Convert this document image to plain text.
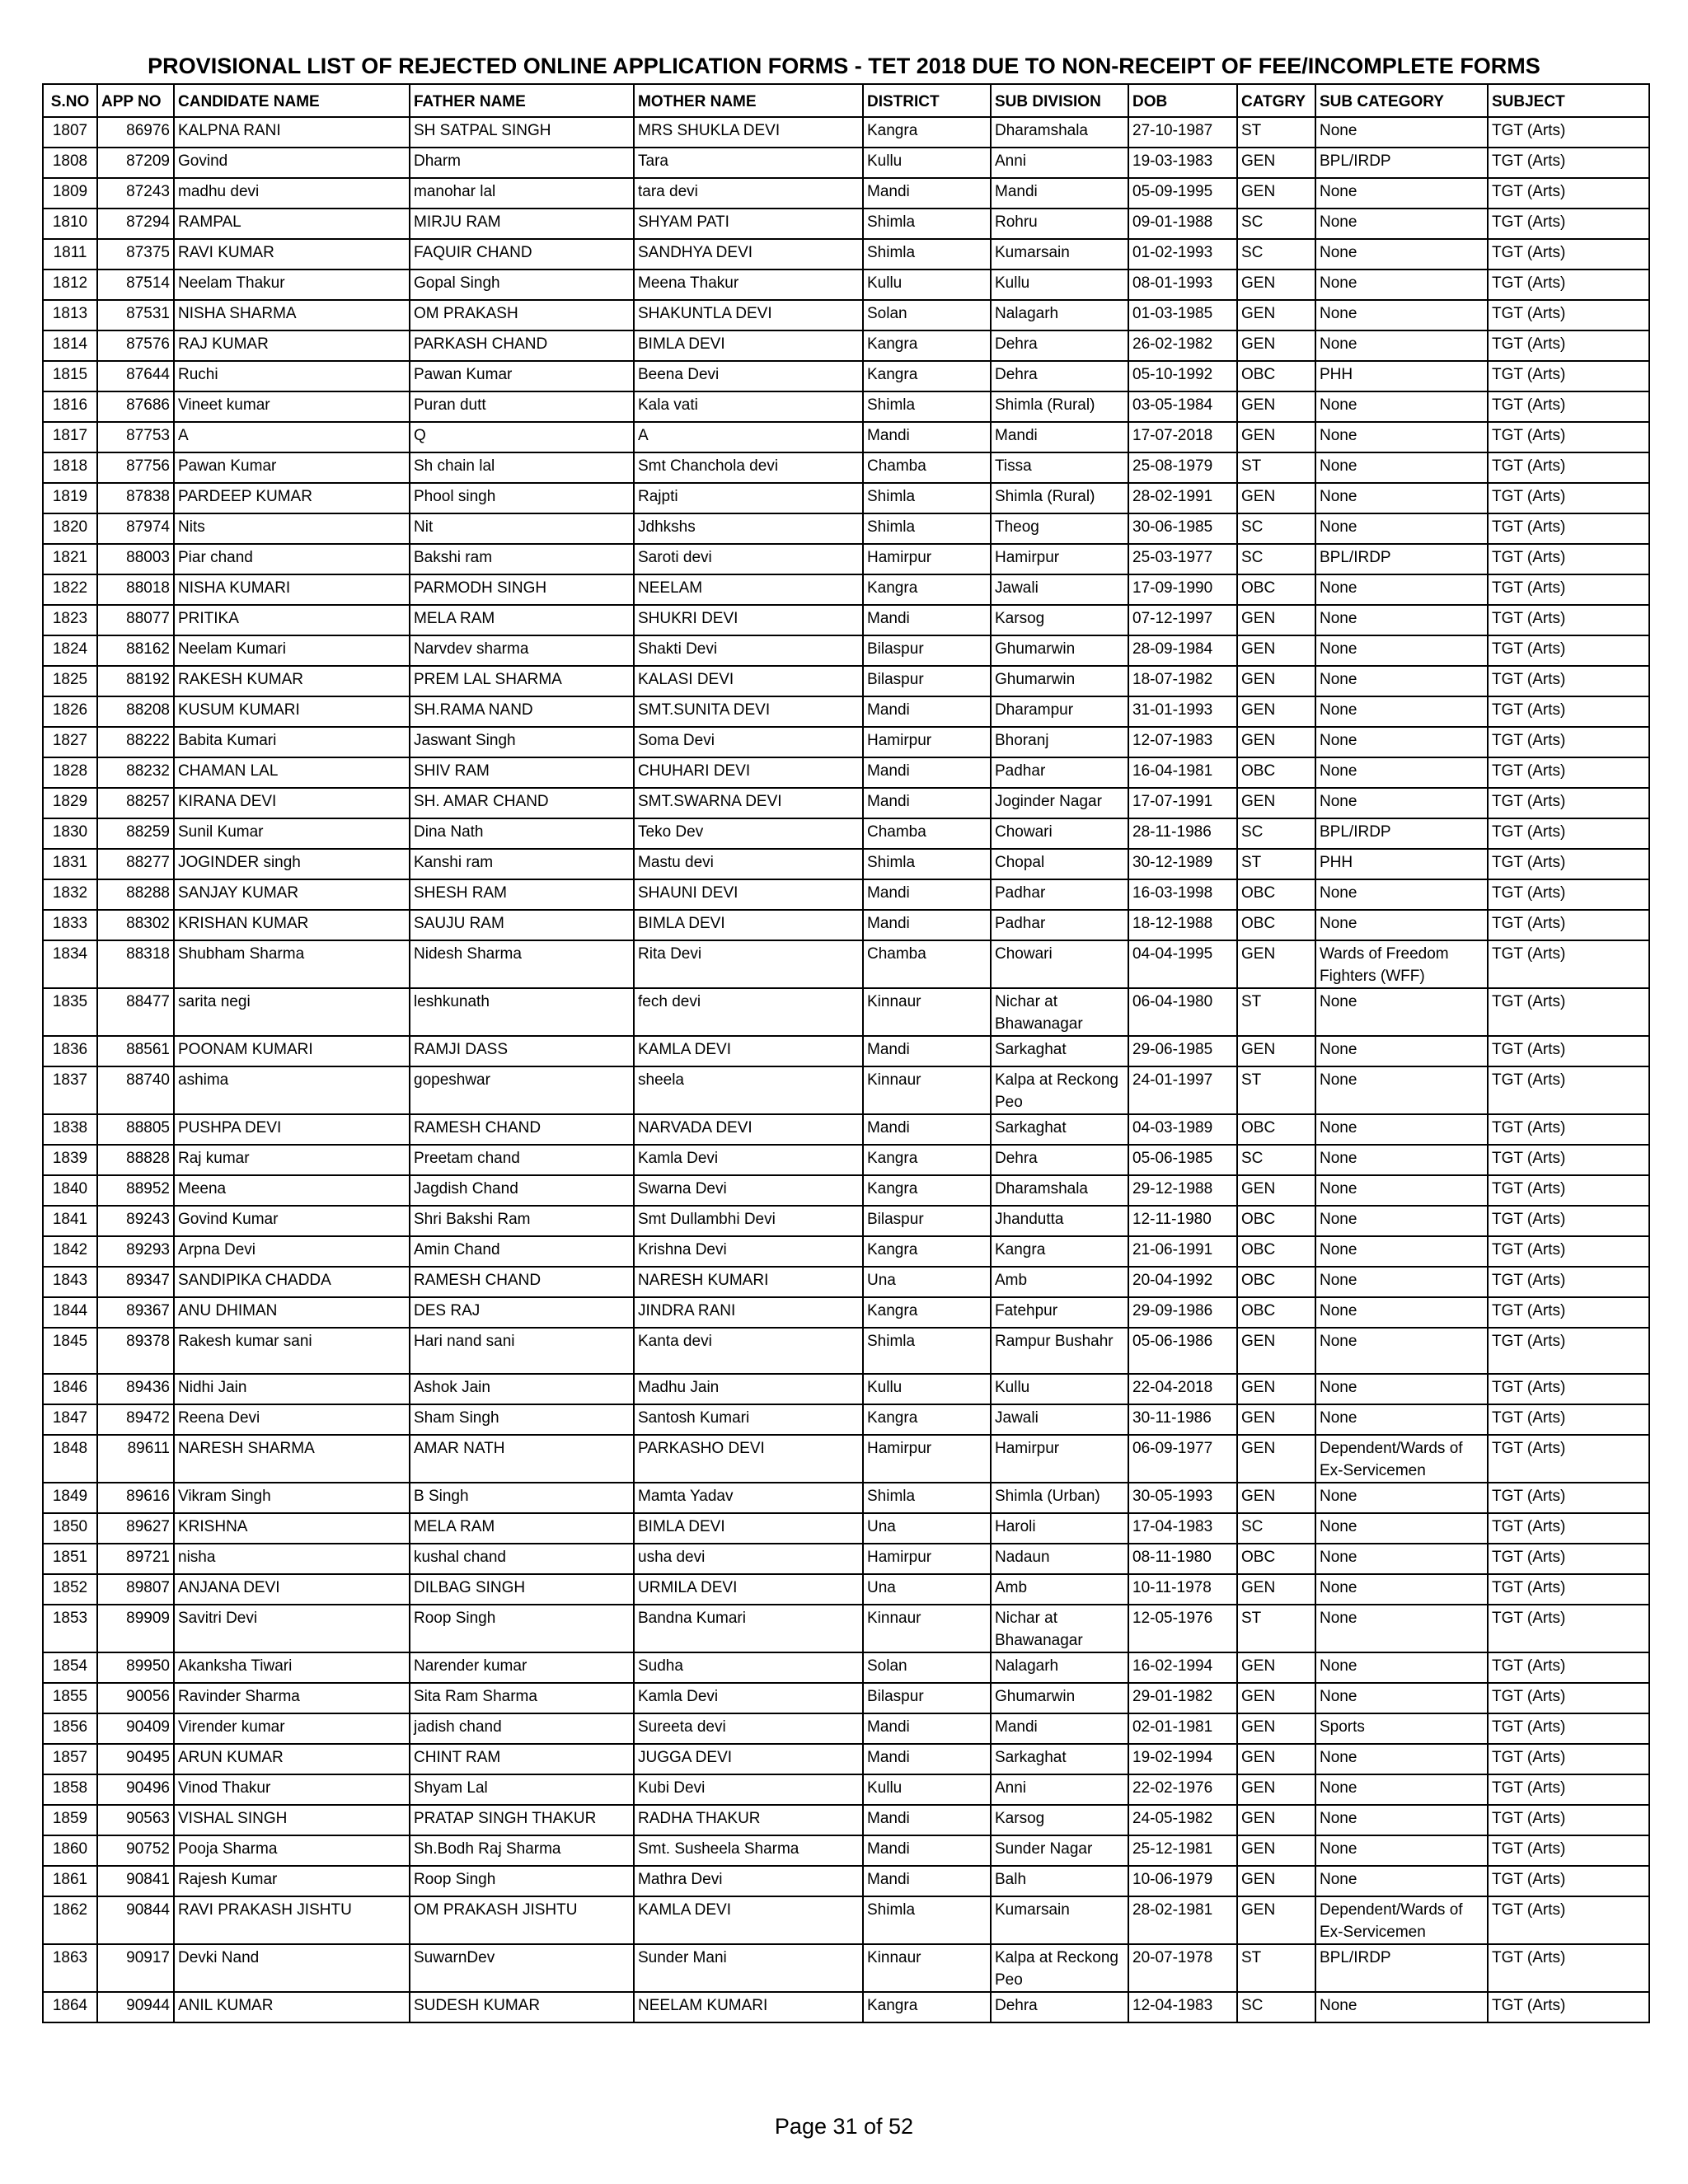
PROVISIONAL LIST OF REJECTED ONLINE APPLICATION FORMS - TET 2018 DUE TO NON-RECEIPT OF FEE/INCOMPLETE FORMS
S.NO	APP NO	CANDIDATE NAME	FATHER NAME	MOTHER NAME	DISTRICT	SUB DIVISION	DOB	CATGRY	SUB CATEGORY	SUBJECT
1807	86976	KALPNA RANI	SH SATPAL SINGH	MRS SHUKLA DEVI	Kangra	Dharamshala	27-10-1987	ST	None	TGT (Arts)
1808	87209	Govind	Dharm	Tara	Kullu	Anni	19-03-1983	GEN	BPL/IRDP	TGT (Arts)
1809	87243	madhu devi	manohar lal	tara devi	Mandi	Mandi	05-09-1995	GEN	None	TGT (Arts)
1810	87294	RAMPAL	MIRJU RAM	SHYAM PATI	Shimla	Rohru	09-01-1988	SC	None	TGT (Arts)
1811	87375	RAVI KUMAR	FAQUIR CHAND	SANDHYA DEVI	Shimla	Kumarsain	01-02-1993	SC	None	TGT (Arts)
1812	87514	Neelam Thakur	Gopal Singh	Meena Thakur	Kullu	Kullu	08-01-1993	GEN	None	TGT (Arts)
1813	87531	NISHA SHARMA	OM PRAKASH	SHAKUNTLA DEVI	Solan	Nalagarh	01-03-1985	GEN	None	TGT (Arts)
1814	87576	RAJ KUMAR	PARKASH CHAND	BIMLA DEVI	Kangra	Dehra	26-02-1982	GEN	None	TGT (Arts)
1815	87644	Ruchi	Pawan Kumar	Beena Devi	Kangra	Dehra	05-10-1992	OBC	PHH	TGT (Arts)
1816	87686	Vineet kumar	Puran dutt	Kala vati	Shimla	Shimla (Rural)	03-05-1984	GEN	None	TGT (Arts)
1817	87753	A	Q	A	Mandi	Mandi	17-07-2018	GEN	None	TGT (Arts)
1818	87756	Pawan Kumar	Sh chain lal	Smt Chanchola devi	Chamba	Tissa	25-08-1979	ST	None	TGT (Arts)
1819	87838	PARDEEP KUMAR	Phool singh	Rajpti	Shimla	Shimla (Rural)	28-02-1991	GEN	None	TGT (Arts)
1820	87974	Nits	Nit	Jdhkshs	Shimla	Theog	30-06-1985	SC	None	TGT (Arts)
1821	88003	Piar chand	Bakshi ram	Saroti devi	Hamirpur	Hamirpur	25-03-1977	SC	BPL/IRDP	TGT (Arts)
1822	88018	NISHA KUMARI	PARMODH SINGH	NEELAM	Kangra	Jawali	17-09-1990	OBC	None	TGT (Arts)
1823	88077	PRITIKA	MELA RAM	SHUKRI DEVI	Mandi	Karsog	07-12-1997	GEN	None	TGT (Arts)
1824	88162	Neelam Kumari	Narvdev sharma	Shakti Devi	Bilaspur	Ghumarwin	28-09-1984	GEN	None	TGT (Arts)
1825	88192	RAKESH KUMAR	PREM LAL SHARMA	KALASI DEVI	Bilaspur	Ghumarwin	18-07-1982	GEN	None	TGT (Arts)
1826	88208	KUSUM KUMARI	SH.RAMA NAND	SMT.SUNITA DEVI	Mandi	Dharampur	31-01-1993	GEN	None	TGT (Arts)
1827	88222	Babita Kumari	Jaswant Singh	Soma Devi	Hamirpur	Bhoranj	12-07-1983	GEN	None	TGT (Arts)
1828	88232	CHAMAN LAL	SHIV RAM	CHUHARI DEVI	Mandi	Padhar	16-04-1981	OBC	None	TGT (Arts)
1829	88257	KIRANA DEVI	SH. AMAR CHAND	SMT.SWARNA DEVI	Mandi	Joginder Nagar	17-07-1991	GEN	None	TGT (Arts)
1830	88259	Sunil Kumar	Dina Nath	Teko Dev	Chamba	Chowari	28-11-1986	SC	BPL/IRDP	TGT (Arts)
1831	88277	JOGINDER singh	Kanshi ram	Mastu devi	Shimla	Chopal	30-12-1989	ST	PHH	TGT (Arts)
1832	88288	SANJAY KUMAR	SHESH RAM	SHAUNI DEVI	Mandi	Padhar	16-03-1998	OBC	None	TGT (Arts)
1833	88302	KRISHAN KUMAR	SAUJU RAM	BIMLA DEVI	Mandi	Padhar	18-12-1988	OBC	None	TGT (Arts)
1834	88318	Shubham Sharma	Nidesh Sharma	Rita Devi	Chamba	Chowari	04-04-1995	GEN	Wards of Freedom Fighters (WFF)	TGT (Arts)
1835	88477	sarita negi	leshkunath	fech devi	Kinnaur	Nichar at Bhawanagar	06-04-1980	ST	None	TGT (Arts)
1836	88561	POONAM KUMARI	RAMJI DASS	KAMLA DEVI	Mandi	Sarkaghat	29-06-1985	GEN	None	TGT (Arts)
1837	88740	ashima	gopeshwar	sheela	Kinnaur	Kalpa at Reckong Peo	24-01-1997	ST	None	TGT (Arts)
1838	88805	PUSHPA DEVI	RAMESH CHAND	NARVADA DEVI	Mandi	Sarkaghat	04-03-1989	OBC	None	TGT (Arts)
1839	88828	Raj kumar	Preetam chand	Kamla Devi	Kangra	Dehra	05-06-1985	SC	None	TGT (Arts)
1840	88952	Meena	Jagdish Chand	Swarna Devi	Kangra	Dharamshala	29-12-1988	GEN	None	TGT (Arts)
1841	89243	Govind Kumar	Shri Bakshi Ram	Smt Dullambhi Devi	Bilaspur	Jhandutta	12-11-1980	OBC	None	TGT (Arts)
1842	89293	Arpna Devi	Amin Chand	Krishna Devi	Kangra	Kangra	21-06-1991	OBC	None	TGT (Arts)
1843	89347	SANDIPIKA CHADDA	RAMESH CHAND	NARESH KUMARI	Una	Amb	20-04-1992	OBC	None	TGT (Arts)
1844	89367	ANU DHIMAN	DES RAJ	JINDRA RANI	Kangra	Fatehpur	29-09-1986	OBC	None	TGT (Arts)
1845	89378	Rakesh kumar sani	Hari nand sani	Kanta devi	Shimla	Rampur Bushahr	05-06-1986	GEN	None	TGT (Arts)
1846	89436	Nidhi Jain	Ashok Jain	Madhu Jain	Kullu	Kullu	22-04-2018	GEN	None	TGT (Arts)
1847	89472	Reena Devi	Sham Singh	Santosh Kumari	Kangra	Jawali	30-11-1986	GEN	None	TGT (Arts)
1848	89611	NARESH SHARMA	AMAR NATH	PARKASHO DEVI	Hamirpur	Hamirpur	06-09-1977	GEN	Dependent/Wards of Ex-Servicemen	TGT (Arts)
1849	89616	Vikram Singh	B Singh	Mamta Yadav	Shimla	Shimla (Urban)	30-05-1993	GEN	None	TGT (Arts)
1850	89627	KRISHNA	MELA RAM	BIMLA DEVI	Una	Haroli	17-04-1983	SC	None	TGT (Arts)
1851	89721	nisha	kushal chand	usha devi	Hamirpur	Nadaun	08-11-1980	OBC	None	TGT (Arts)
1852	89807	ANJANA DEVI	DILBAG SINGH	URMILA DEVI	Una	Amb	10-11-1978	GEN	None	TGT (Arts)
1853	89909	Savitri Devi	Roop Singh	Bandna Kumari	Kinnaur	Nichar at Bhawanagar	12-05-1976	ST	None	TGT (Arts)
1854	89950	Akanksha Tiwari	Narender kumar	Sudha	Solan	Nalagarh	16-02-1994	GEN	None	TGT (Arts)
1855	90056	Ravinder Sharma	Sita Ram Sharma	Kamla Devi	Bilaspur	Ghumarwin	29-01-1982	GEN	None	TGT (Arts)
1856	90409	Virender kumar	jadish chand	Sureeta devi	Mandi	Mandi	02-01-1981	GEN	Sports	TGT (Arts)
1857	90495	ARUN KUMAR	CHINT RAM	JUGGA DEVI	Mandi	Sarkaghat	19-02-1994	GEN	None	TGT (Arts)
1858	90496	Vinod Thakur	Shyam Lal	Kubi Devi	Kullu	Anni	22-02-1976	GEN	None	TGT (Arts)
1859	90563	VISHAL SINGH	PRATAP SINGH THAKUR	RADHA THAKUR	Mandi	Karsog	24-05-1982	GEN	None	TGT (Arts)
1860	90752	Pooja Sharma	Sh.Bodh Raj Sharma	Smt. Susheela Sharma	Mandi	Sunder Nagar	25-12-1981	GEN	None	TGT (Arts)
1861	90841	Rajesh Kumar	Roop Singh	Mathra Devi	Mandi	Balh	10-06-1979	GEN	None	TGT (Arts)
1862	90844	RAVI PRAKASH JISHTU	OM PRAKASH JISHTU	KAMLA DEVI	Shimla	Kumarsain	28-02-1981	GEN	Dependent/Wards of Ex-Servicemen	TGT (Arts)
1863	90917	Devki Nand	SuwarnDev	Sunder Mani	Kinnaur	Kalpa at Reckong Peo	20-07-1978	ST	BPL/IRDP	TGT (Arts)
1864	90944	ANIL KUMAR	SUDESH KUMAR	NEELAM KUMARI	Kangra	Dehra	12-04-1983	SC	None	TGT (Arts)
Page 31 of 52
